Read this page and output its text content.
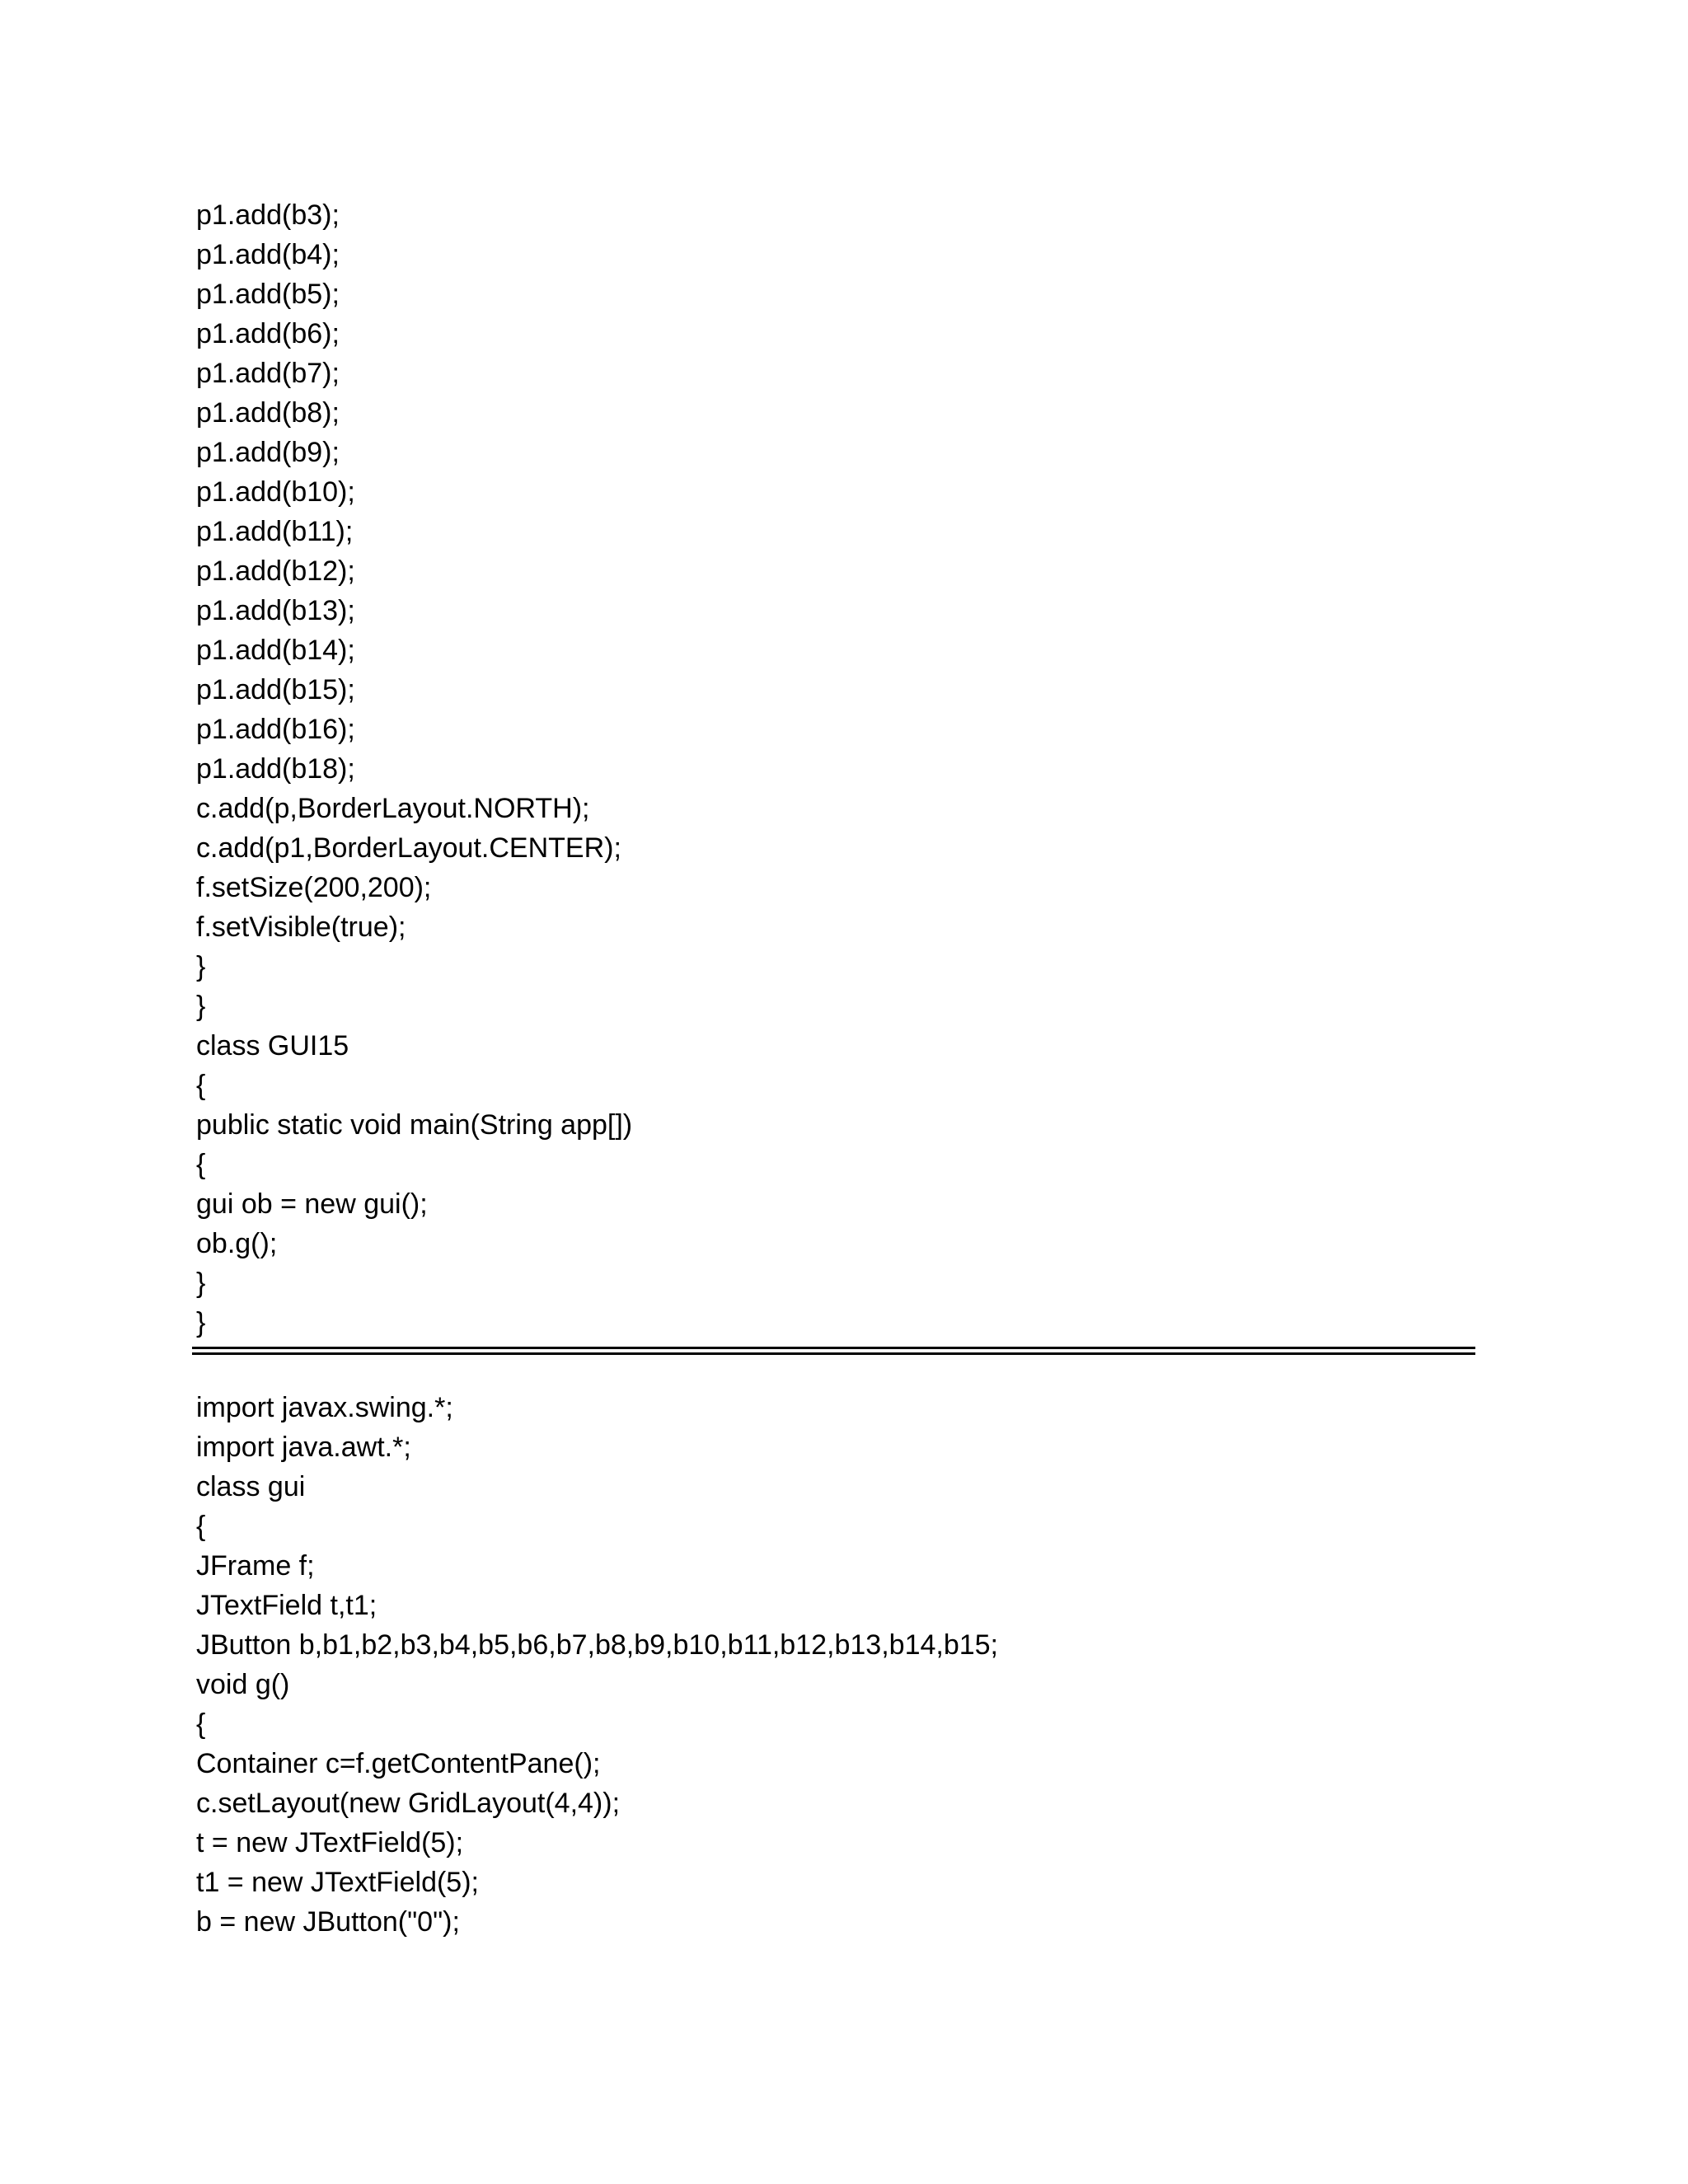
p1.add(b3);
p1.add(b4);
p1.add(b5);
p1.add(b6);
p1.add(b7);
p1.add(b8);
p1.add(b9);
p1.add(b10);
p1.add(b11);
p1.add(b12);
p1.add(b13);
p1.add(b14);
p1.add(b15);
p1.add(b16);
p1.add(b18);
c.add(p,BorderLayout.NORTH);
c.add(p1,BorderLayout.CENTER);
f.setSize(200,200);
f.setVisible(true);
}
}
class GUI15
{
public static void main(String app[])
{
gui ob = new gui();
ob.g();
}
}
import javax.swing.*;
import java.awt.*;
class gui
{
JFrame f;
JTextField t,t1;
JButton b,b1,b2,b3,b4,b5,b6,b7,b8,b9,b10,b11,b12,b13,b14,b15;
void g()
{
Container c=f.getContentPane();
c.setLayout(new GridLayout(4,4));
t = new JTextField(5);
t1 = new JTextField(5);
b = new JButton("0");
